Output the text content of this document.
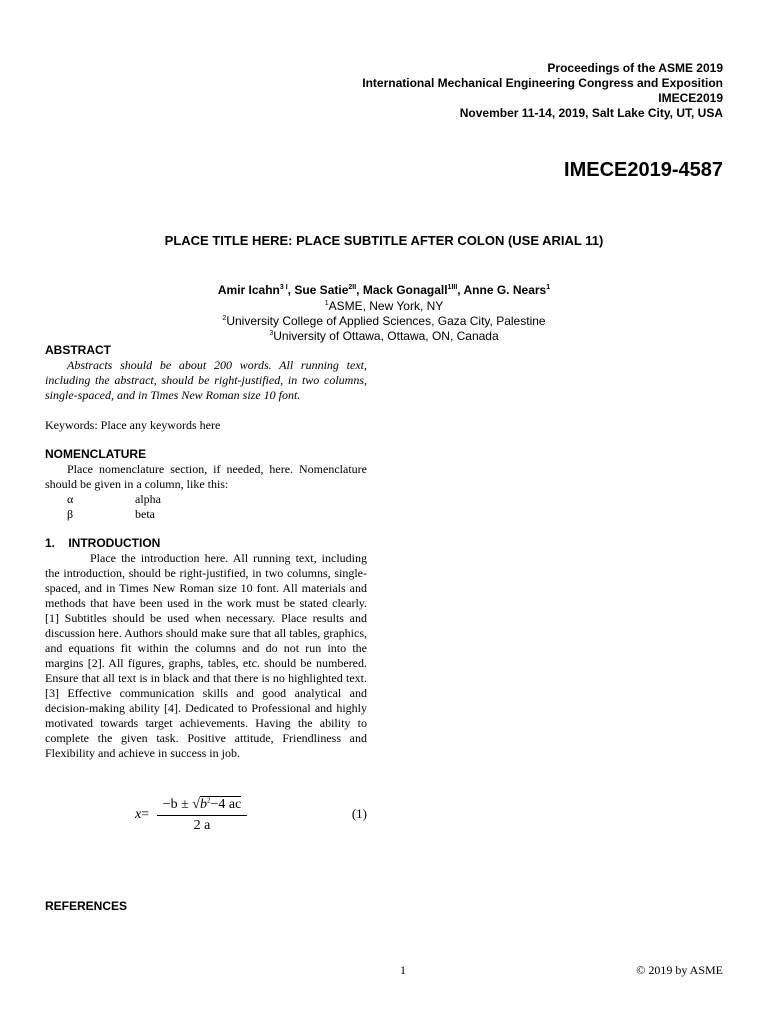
Proceedings of the ASME 2019
International Mechanical Engineering Congress and Exposition
IMECE2019
November 11-14, 2019, Salt Lake City, UT, USA
IMECE2019-4587
PLACE TITLE HERE: PLACE SUBTITLE AFTER COLON (USE ARIAL 11)
Amir Icahn$^{3 I}$, Sue Satie$^{2II}$, Mack Gonagall$^{1III}$, Anne G. Nears$^1$
$^1$ASME, New York, NY
$^2$University College of Applied Sciences, Gaza City, Palestine
$^3$University of Ottawa, Ottawa, ON, Canada
ABSTRACT
Abstracts should be about 200 words. All running text, including the abstract, should be right-justified, in two columns, single-spaced, and in Times New Roman size 10 font.
Keywords: Place any keywords here
NOMENCLATURE
Place nomenclature section, if needed, here. Nomenclature should be given in a column, like this:
α	alpha
β	beta
1.    INTRODUCTION
Place the introduction here. All running text, including the introduction, should be right-justified, in two columns, single-spaced, and in Times New Roman size 10 font. All materials and methods that have been used in the work must be stated clearly. [1] Subtitles should be used when necessary. Place results and discussion here. Authors should make sure that all tables, graphics, and equations fit within the columns and do not run into the margins [2]. All figures, graphs, tables, etc. should be numbered. Ensure that all text is in black and that there is no highlighted text. [3] Effective communication skills and good analytical and decision-making ability [4]. Dedicated to Professional and highly motivated towards target achievements. Having the ability to complete the given task. Positive attitude, Friendliness and Flexibility and achieve in success in job.
x=
$-b \pm √b^2-4$ ac
2 a
(1)
REFERENCES
1	© 2019 by ASME
